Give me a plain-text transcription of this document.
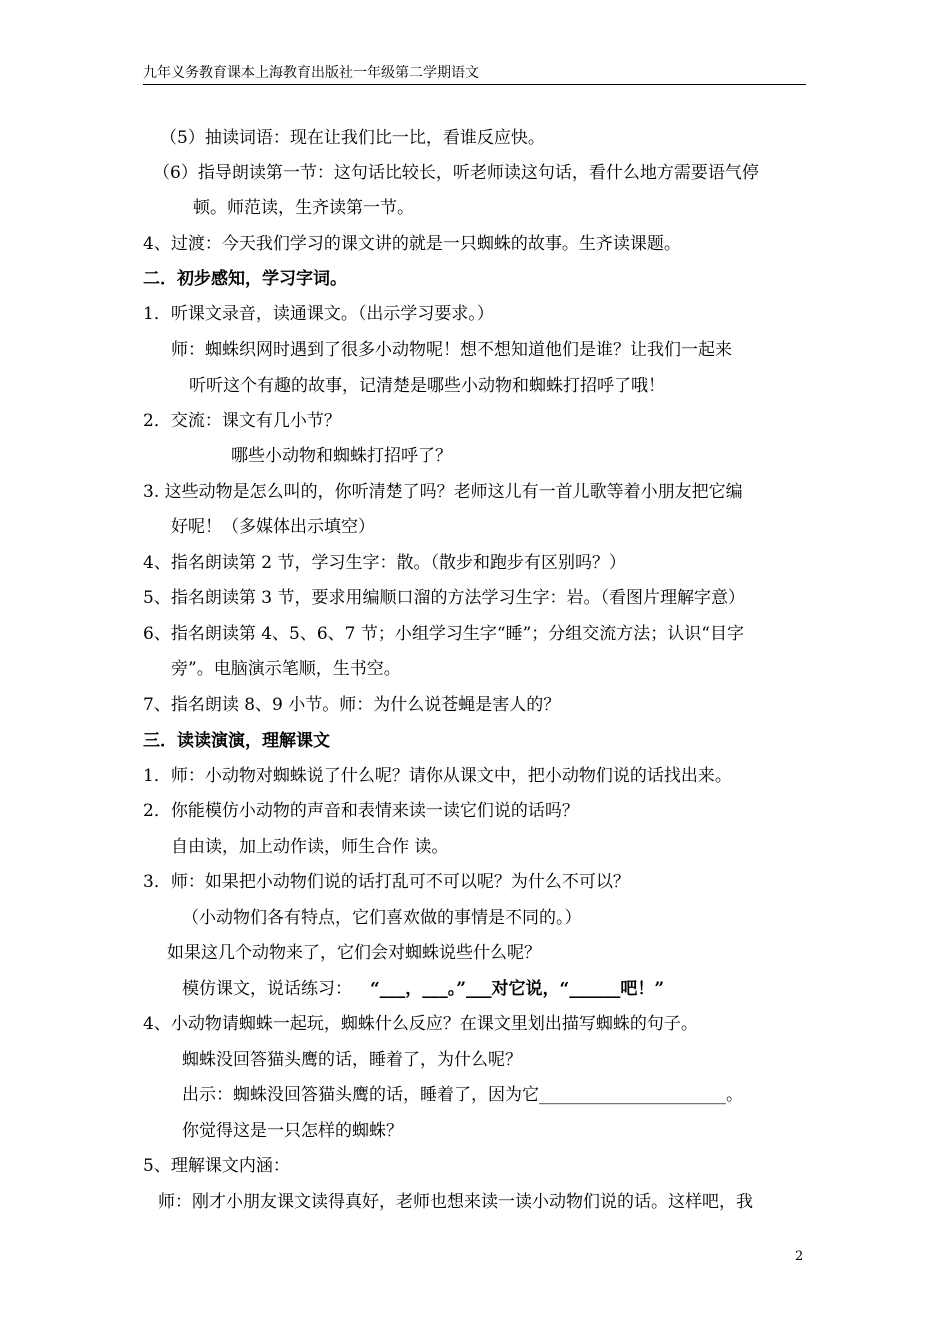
九年义务教育课本上海教育出版社一年级第二学期语文
（5）抽读词语：现在让我们比一比，看谁反应快。
（6）指导朗读第一节：这句话比较长，听老师读这句话，看什么地方需要语气停
顿。师范读，生齐读第一节。
4、过渡：今天我们学习的课文讲的就是一只蜘蛛的故事。生齐读课题。
二．初步感知，学习字词。
1．听课文录音，读通课文。（出示学习要求。）
师：蜘蛛织网时遇到了很多小动物呢！想不想知道他们是谁？让我们一起来
听听这个有趣的故事，记清楚是哪些小动物和蜘蛛打招呼了哦！
2．交流：课文有几小节？
哪些小动物和蜘蛛打招呼了？
3. 这些动物是怎么叫的，你听清楚了吗？老师这儿有一首儿歌等着小朋友把它编
好呢！（多媒体出示填空）
4、指名朗读第 2 节，学习生字：散。（散步和跑步有区别吗？）
5、指名朗读第 3 节，要求用编顺口溜的方法学习生字：岩。（看图片理解字意）
6、指名朗读第 4、5、6、7 节；小组学习生字“睡”；分组交流方法；认识“目字
旁”。电脑演示笔顺，生书空。
7、指名朗读 8、9 小节。师：为什么说苍蝇是害人的？
三．读读演演，理解课文
1．师：小动物对蜘蛛说了什么呢？请你从课文中，把小动物们说的话找出来。
2．你能模仿小动物的声音和表情来读一读它们说的话吗？
自由读，加上动作读，师生合作 读。
3．师：如果把小动物们说的话打乱可不可以呢？为什么不可以？
（小动物们各有特点，它们喜欢做的事情是不同的。）
如果这几个动物来了，它们会对蜘蛛说些什么呢？
模仿课文，说话练习： “___，___。”___对它说，“______吧！”
4、小动物请蜘蛛一起玩，蜘蛛什么反应？在课文里划出描写蜘蛛的句子。
蜘蛛没回答猫头鹰的话，睡着了，为什么呢？
出示：蜘蛛没回答猫头鹰的话，睡着了，因为它______________________。
你觉得这是一只怎样的蜘蛛？
5、理解课文内涵：
师：刚才小朋友课文读得真好，老师也想来读一读小动物们说的话。这样吧，我
2
